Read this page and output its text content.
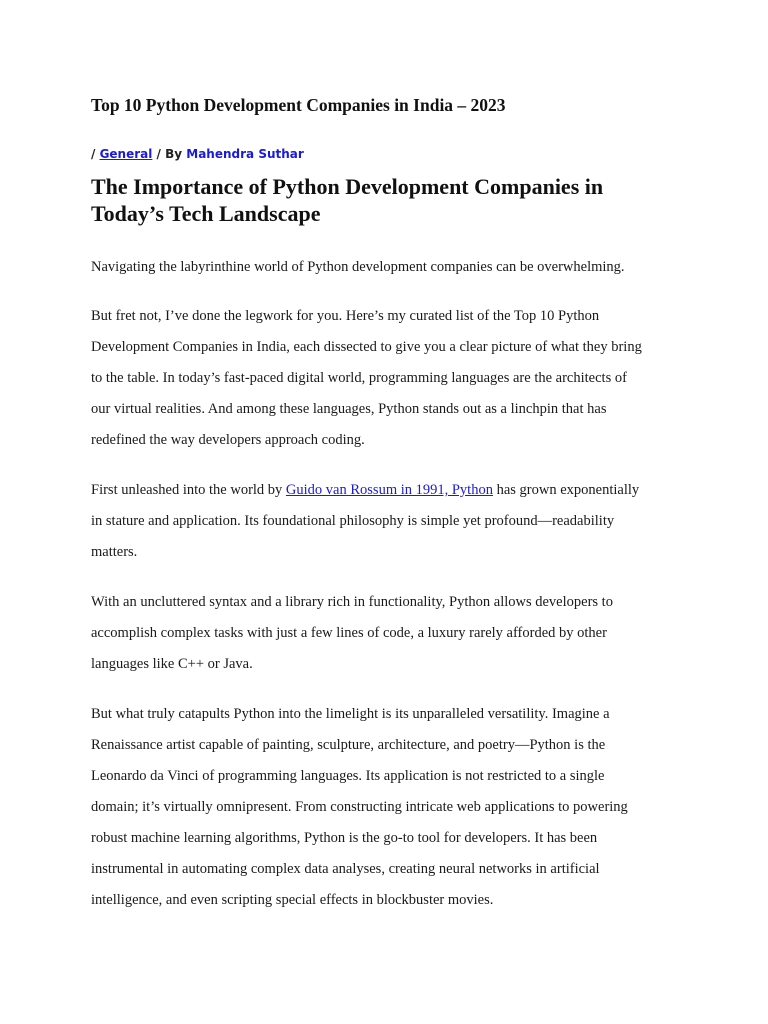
Top 10 Python Development Companies in India – 2023
/ General / By Mahendra Suthar
The Importance of Python Development Companies in
Today’s Tech Landscape

Navigating the labyrinthine world of Python development companies can be overwhelming.

But fret not, I’ve done the legwork for you. Here’s my curated list of the Top 10 Python
Development Companies in India, each dissected to give you a clear picture of what they bring
to the table. In today’s fast-paced digital world, programming languages are the architects of
our virtual realities. And among these languages, Python stands out as a linchpin that has
redefined the way developers approach coding.

First unleashed into the world by Guido van Rossum in 1991, Python has grown exponentially
in stature and application. Its foundational philosophy is simple yet profound—readability
matters.

With an uncluttered syntax and a library rich in functionality, Python allows developers to
accomplish complex tasks with just a few lines of code, a luxury rarely afforded by other
languages like C++ or Java.

But what truly catapults Python into the limelight is its unparalleled versatility. Imagine a
Renaissance artist capable of painting, sculpture, architecture, and poetry—Python is the
Leonardo da Vinci of programming languages. Its application is not restricted to a single
domain; it’s virtually omnipresent. From constructing intricate web applications to powering
robust machine learning algorithms, Python is the go-to tool for developers. It has been
instrumental in automating complex data analyses, creating neural networks in artificial
intelligence, and even scripting special effects in blockbuster movies.
